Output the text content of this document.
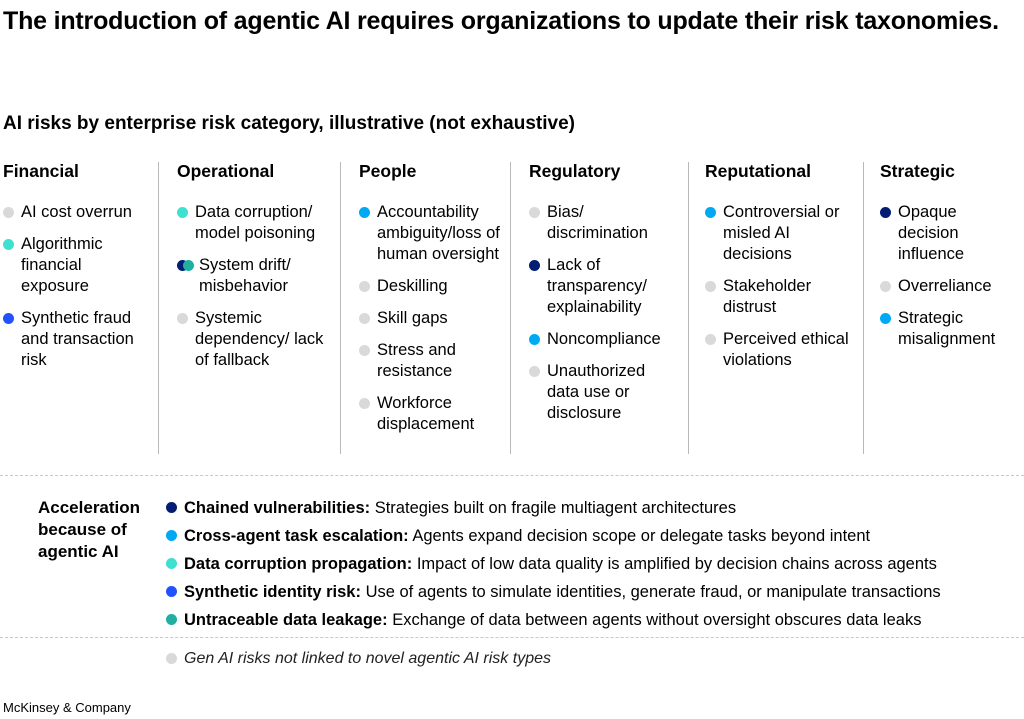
The introduction of agentic AI requires organizations to update their risk taxonomies.
AI risks by enterprise risk category, illustrative (not exhaustive)
Financial
AI cost overrun
Algorithmic financial exposure
Synthetic fraud and transaction risk
Operational
Data corruption/ model poisoning
System drift/ misbehavior
Systemic dependency/ lack of fallback
People
Accountability ambiguity/loss of human oversight
Deskilling
Skill gaps
Stress and resistance
Workforce displacement
Regulatory
Bias/ discrimination
Lack of transparency/ explainability
Noncompliance
Unauthorized data use or disclosure
Reputational
Controversial or misled AI decisions
Stakeholder distrust
Perceived ethical violations
Strategic
Opaque decision influence
Overreliance
Strategic misalignment
Acceleration because of agentic AI
Chained vulnerabilities: Strategies built on fragile multiagent architectures
Cross-agent task escalation: Agents expand decision scope or delegate tasks beyond intent
Data corruption propagation: Impact of low data quality is amplified by decision chains across agents
Synthetic identity risk: Use of agents to simulate identities, generate fraud, or manipulate transactions
Untraceable data leakage: Exchange of data between agents without oversight obscures data leaks
Gen AI risks not linked to novel agentic AI risk types
McKinsey & Company
